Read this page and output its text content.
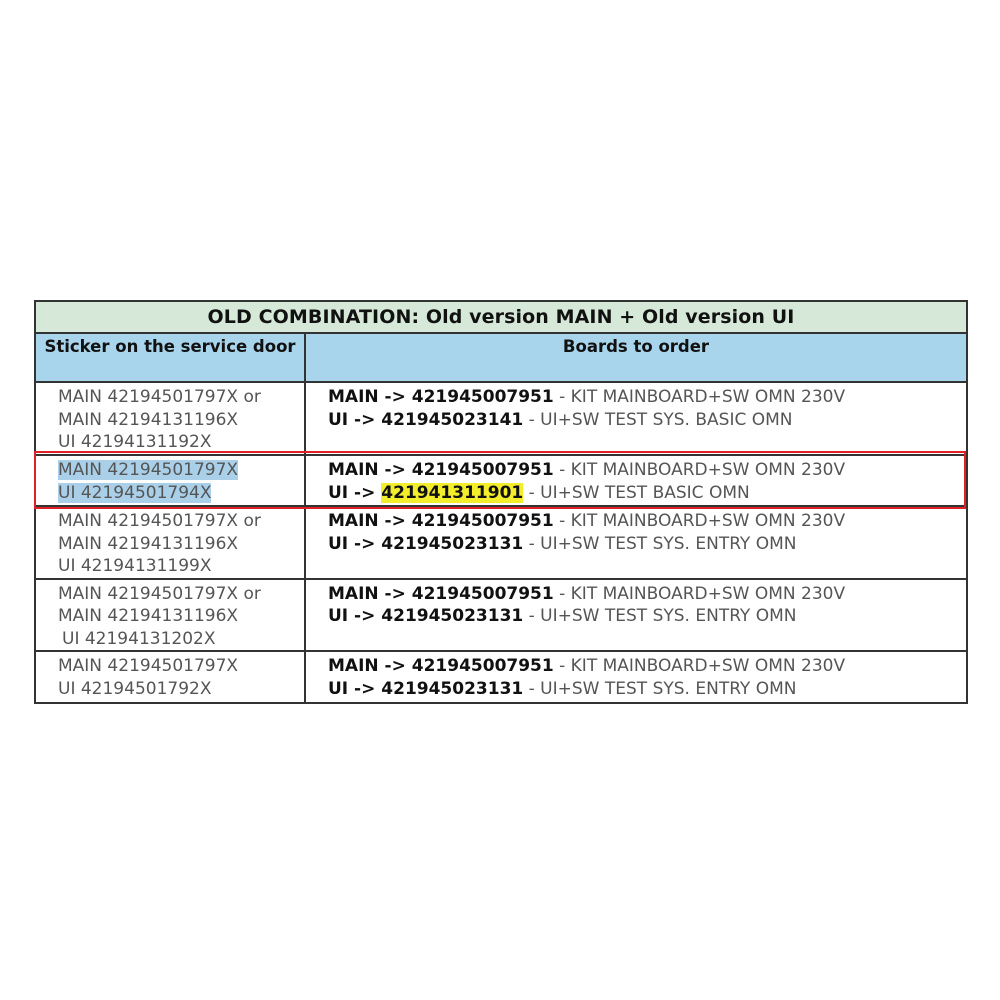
OLD COMBINATION: Old version MAIN + Old version UI	
Sticker on the service door	Boards to order

MAIN 42194501797X or
MAIN 42194131196X
UI 42194131192X	MAIN -> 421945007951 - KIT MAINBOARD+SW OMN 230V
UI -> 421945023141 - UI+SW TEST SYS. BASIC OMN

MAIN 42194501797X
UI 42194501794X	MAIN -> 421945007951 - KIT MAINBOARD+SW OMN 230V
UI -> 421941311901 - UI+SW TEST BASIC OMN

MAIN 42194501797X or
MAIN 42194131196X
UI 42194131199X	MAIN -> 421945007951 - KIT MAINBOARD+SW OMN 230V
UI -> 421945023131 - UI+SW TEST SYS. ENTRY OMN

MAIN 42194501797X or
MAIN 42194131196X
UI 42194131202X	MAIN -> 421945007951 - KIT MAINBOARD+SW OMN 230V
UI -> 421945023131 - UI+SW TEST SYS. ENTRY OMN

MAIN 42194501797X
UI 42194501792X	MAIN -> 421945007951 - KIT MAINBOARD+SW OMN 230V
UI -> 421945023131 - UI+SW TEST SYS. ENTRY OMN
